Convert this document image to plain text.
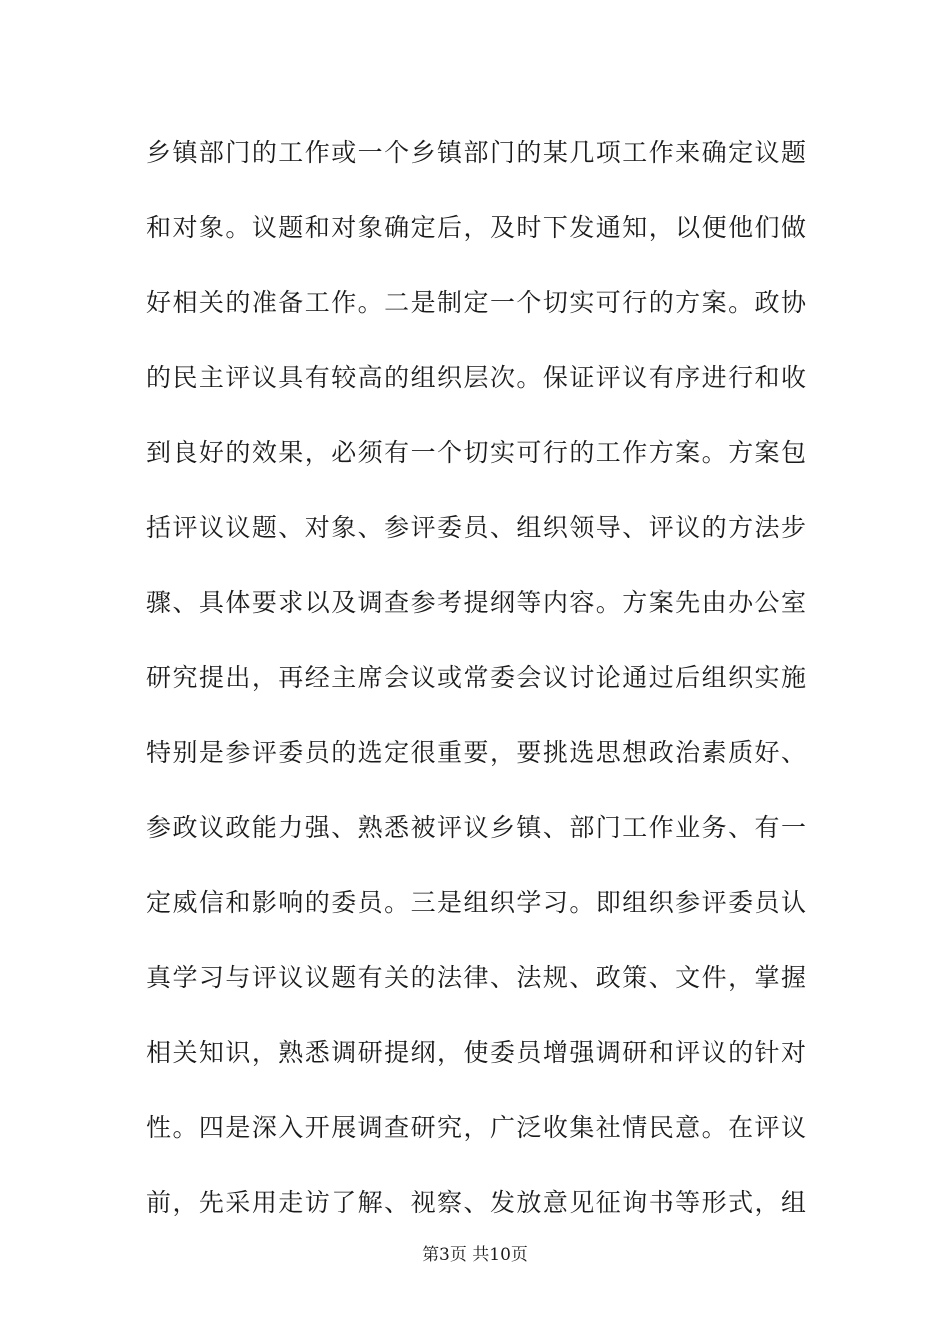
乡镇部门的工作或一个乡镇部门的某几项工作来确定议题
和对象。议题和对象确定后，及时下发通知，以便他们做
好相关的准备工作。二是制定一个切实可行的方案。政协
的民主评议具有较高的组织层次。保证评议有序进行和收
到良好的效果，必须有一个切实可行的工作方案。方案包
括评议议题、对象、参评委员、组织领导、评议的方法步
骤、具体要求以及调查参考提纲等内容。方案先由办公室
研究提出，再经主席会议或常委会议讨论通过后组织实施
特别是参评委员的选定很重要，要挑选思想政治素质好、
参政议政能力强、熟悉被评议乡镇、部门工作业务、有一
定威信和影响的委员。三是组织学习。即组织参评委员认
真学习与评议议题有关的法律、法规、政策、文件，掌握
相关知识，熟悉调研提纲，使委员增强调研和评议的针对
性。四是深入开展调查研究，广泛收集社情民意。在评议
前，先采用走访了解、视察、发放意见征询书等形式，组
第3页 共10页
